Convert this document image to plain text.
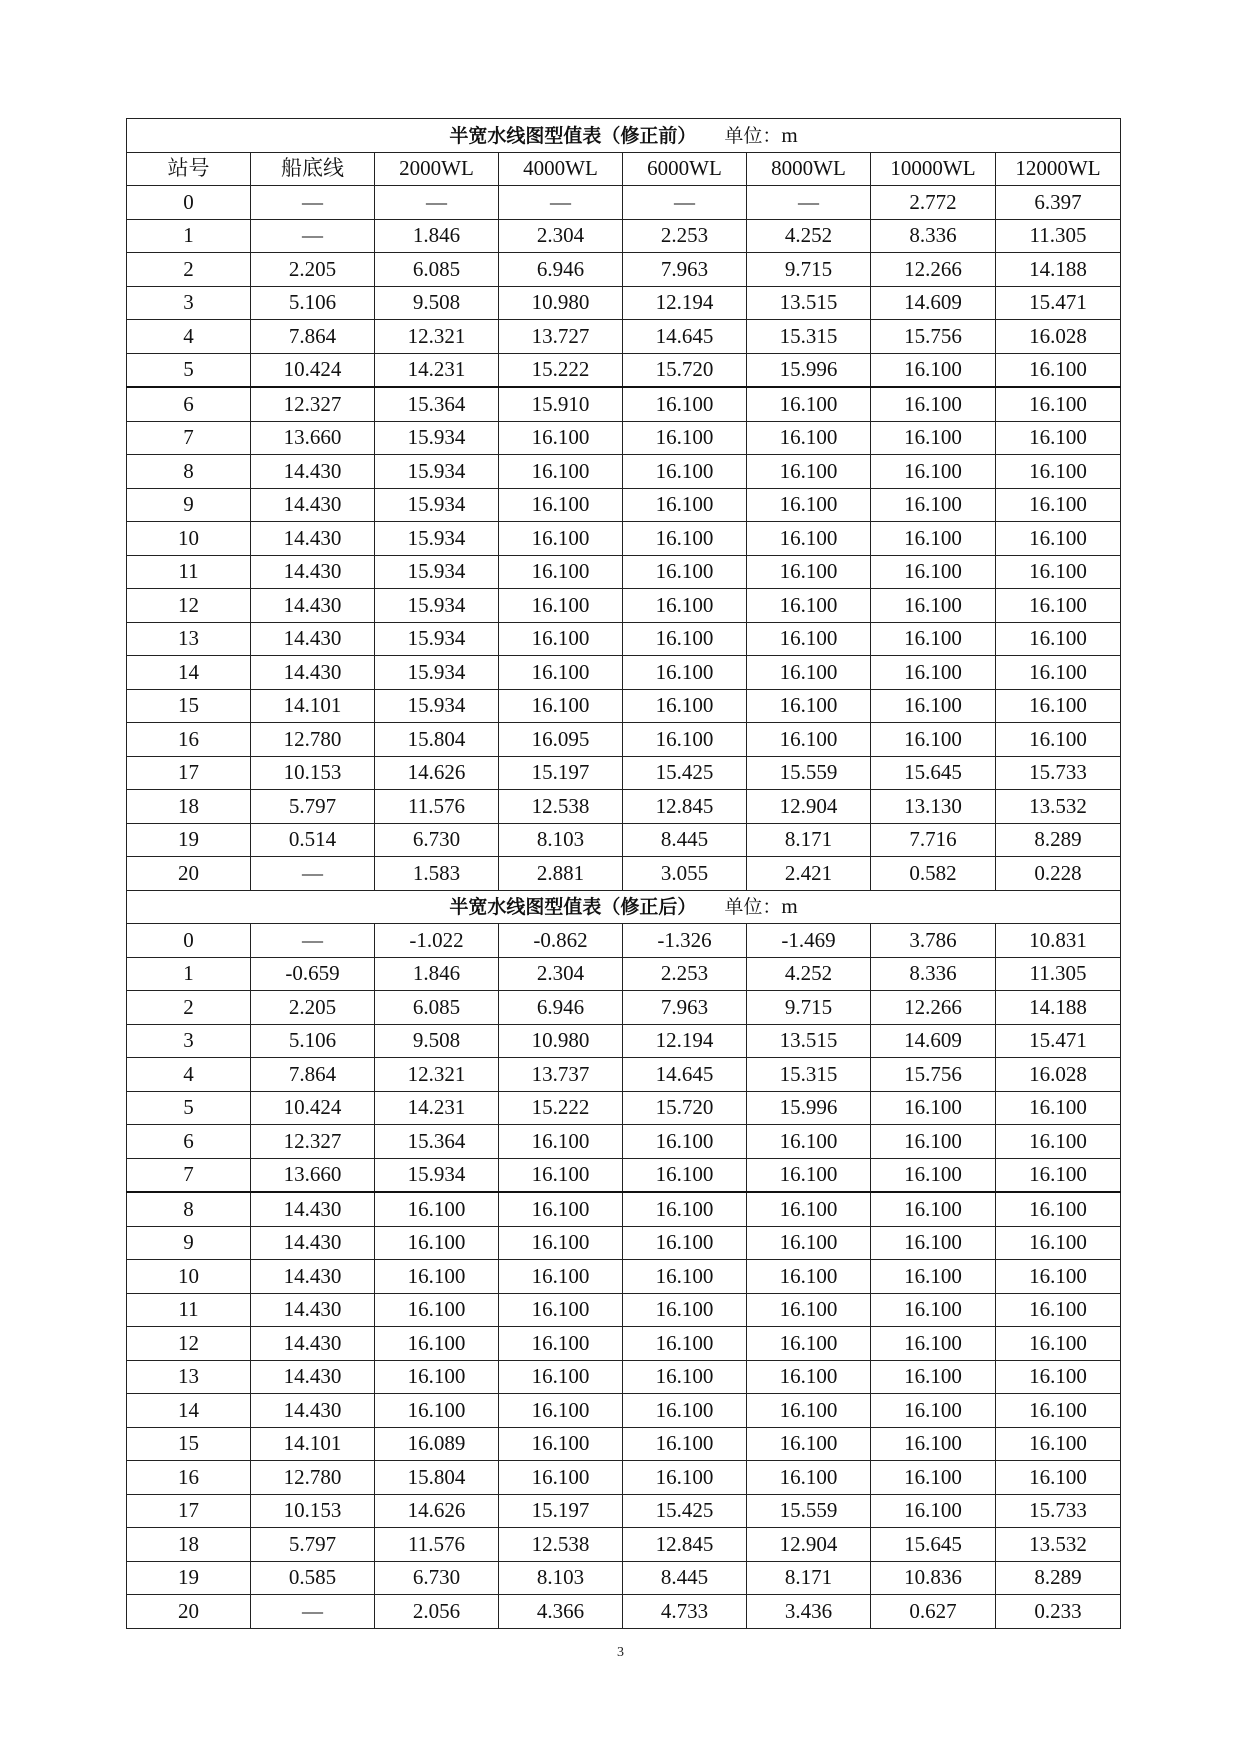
半宽水线图型值表（修正前） 单位：m							
站号	船底线	2000WL	4000WL	6000WL	8000WL	10000WL	12000WL
0	—	—	—	—	—	2.772	6.397
1	—	1.846	2.304	2.253	4.252	8.336	11.305
2	2.205	6.085	6.946	7.963	9.715	12.266	14.188
3	5.106	9.508	10.980	12.194	13.515	14.609	15.471
4	7.864	12.321	13.727	14.645	15.315	15.756	16.028
5	10.424	14.231	15.222	15.720	15.996	16.100	16.100
6	12.327	15.364	15.910	16.100	16.100	16.100	16.100
7	13.660	15.934	16.100	16.100	16.100	16.100	16.100
8	14.430	15.934	16.100	16.100	16.100	16.100	16.100
9	14.430	15.934	16.100	16.100	16.100	16.100	16.100
10	14.430	15.934	16.100	16.100	16.100	16.100	16.100
11	14.430	15.934	16.100	16.100	16.100	16.100	16.100
12	14.430	15.934	16.100	16.100	16.100	16.100	16.100
13	14.430	15.934	16.100	16.100	16.100	16.100	16.100
14	14.430	15.934	16.100	16.100	16.100	16.100	16.100
15	14.101	15.934	16.100	16.100	16.100	16.100	16.100
16	12.780	15.804	16.095	16.100	16.100	16.100	16.100
17	10.153	14.626	15.197	15.425	15.559	15.645	15.733
18	5.797	11.576	12.538	12.845	12.904	13.130	13.532
19	0.514	6.730	8.103	8.445	8.171	7.716	8.289
20	—	1.583	2.881	3.055	2.421	0.582	0.228
半宽水线图型值表（修正后） 单位：m							
0	—	-1.022	-0.862	-1.326	-1.469	3.786	10.831
1	-0.659	1.846	2.304	2.253	4.252	8.336	11.305
2	2.205	6.085	6.946	7.963	9.715	12.266	14.188
3	5.106	9.508	10.980	12.194	13.515	14.609	15.471
4	7.864	12.321	13.737	14.645	15.315	15.756	16.028
5	10.424	14.231	15.222	15.720	15.996	16.100	16.100
6	12.327	15.364	16.100	16.100	16.100	16.100	16.100
7	13.660	15.934	16.100	16.100	16.100	16.100	16.100
8	14.430	16.100	16.100	16.100	16.100	16.100	16.100
9	14.430	16.100	16.100	16.100	16.100	16.100	16.100
10	14.430	16.100	16.100	16.100	16.100	16.100	16.100
11	14.430	16.100	16.100	16.100	16.100	16.100	16.100
12	14.430	16.100	16.100	16.100	16.100	16.100	16.100
13	14.430	16.100	16.100	16.100	16.100	16.100	16.100
14	14.430	16.100	16.100	16.100	16.100	16.100	16.100
15	14.101	16.089	16.100	16.100	16.100	16.100	16.100
16	12.780	15.804	16.100	16.100	16.100	16.100	16.100
17	10.153	14.626	15.197	15.425	15.559	16.100	15.733
18	5.797	11.576	12.538	12.845	12.904	15.645	13.532
19	0.585	6.730	8.103	8.445	8.171	10.836	8.289
20	—	2.056	4.366	4.733	3.436	0.627	0.233
3
